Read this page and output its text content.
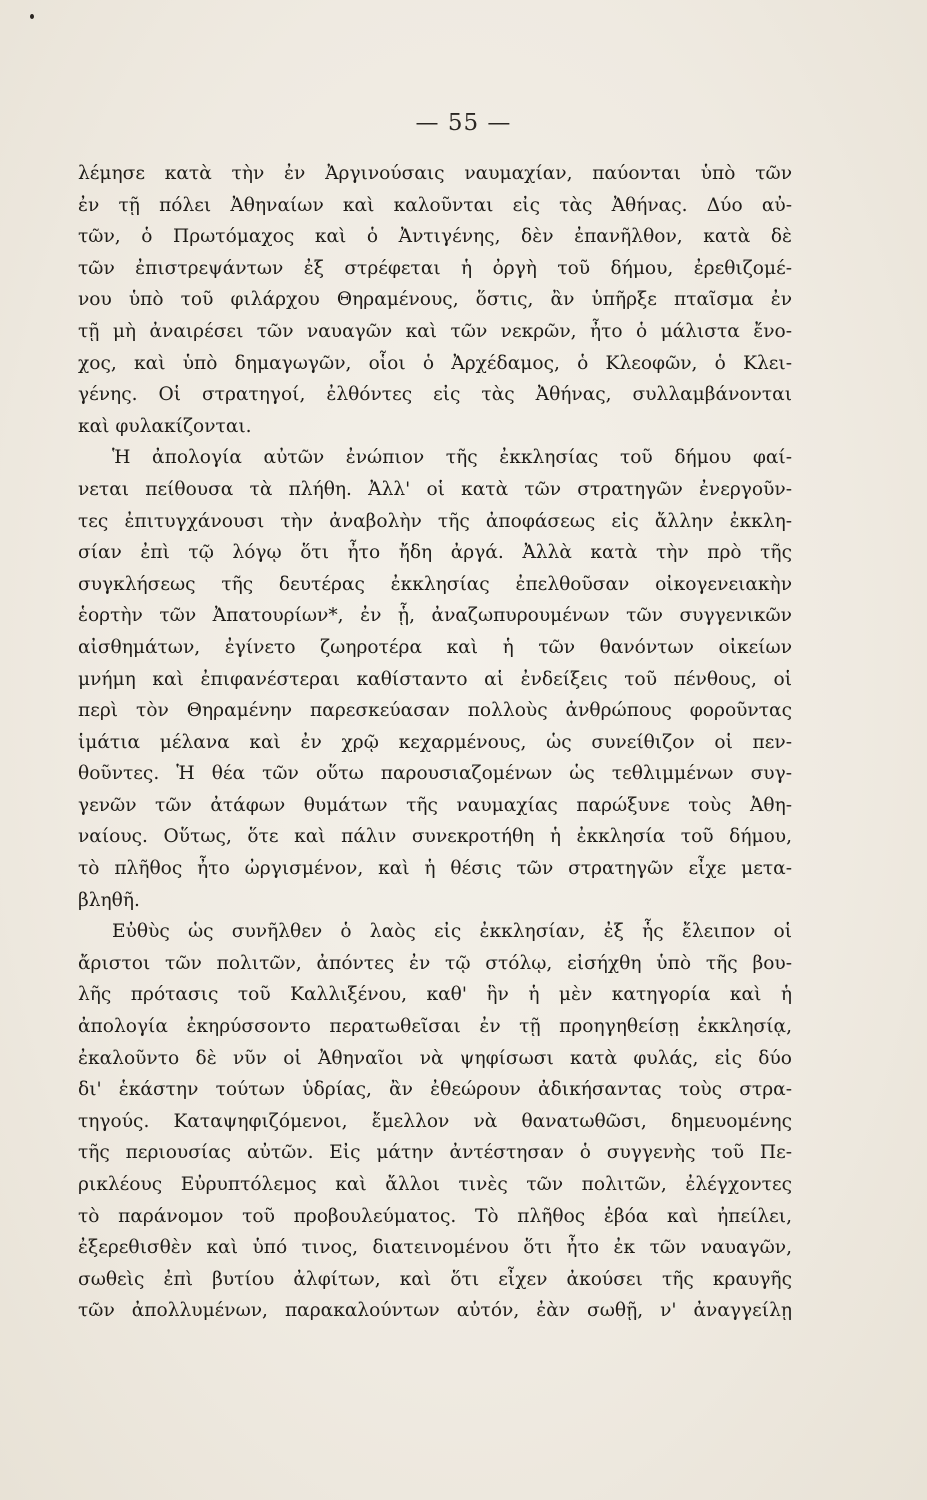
— 55 —
λέμησε κατὰ τὴν ἐν Ἀργινούσαις ναυμαχίαν, παύονται ὑπὸ τῶν
ἐν τῇ πόλει Ἀθηναίων καὶ καλοῦνται εἰς τὰς Ἀθήνας. Δύο αὐ-
τῶν, ὁ Πρωτόμαχος καὶ ὁ Ἀντιγένης, δὲν ἐπανῆλθον, κατὰ δὲ
τῶν ἐπιστρεψάντων ἐξ στρέφεται ἡ ὀργὴ τοῦ δήμου, ἐρεθιζομέ-
νου ὑπὸ τοῦ φιλάρχου Θηραμένους, ὅστις, ἂν ὑπῆρξε πταῖσμα ἐν
τῇ μὴ ἀναιρέσει τῶν ναυαγῶν καὶ τῶν νεκρῶν, ἦτο ὁ μάλιστα ἔνο-
χος, καὶ ὑπὸ δημαγωγῶν, οἷοι ὁ Ἀρχέδαμος, ὁ Κλεοφῶν, ὁ Κλει-
γένης. Οἱ στρατηγοί, ἐλθόντες εἰς τὰς Ἀθήνας, συλλαμβάνονται
καὶ φυλακίζονται.
Ἡ ἀπολογία αὐτῶν ἐνώπιον τῆς ἐκκλησίας τοῦ δήμου φαί-
νεται πείθουσα τὰ πλήθη. Ἀλλ' οἱ κατὰ τῶν στρατηγῶν ἐνεργοῦν-
τες ἐπιτυγχάνουσι τὴν ἀναβολὴν τῆς ἀποφάσεως εἰς ἄλλην ἐκκλη-
σίαν ἐπὶ τῷ λόγῳ ὅτι ἦτο ἤδη ἀργά. Ἀλλὰ κατὰ τὴν πρὸ τῆς
συγκλήσεως τῆς δευτέρας ἐκκλησίας ἐπελθοῦσαν οἰκογενειακὴν
ἑορτὴν τῶν Ἀπατουρίων*, ἐν ᾗ, ἀναζωπυρουμένων τῶν συγγενικῶν
αἰσθημάτων, ἐγίνετο ζωηροτέρα καὶ ἡ τῶν θανόντων οἰκείων
μνήμη καὶ ἐπιφανέστεραι καθίσταντο αἱ ἐνδείξεις τοῦ πένθους, οἱ
περὶ τὸν Θηραμένην παρεσκεύασαν πολλοὺς ἀνθρώπους φοροῦντας
ἱμάτια μέλανα καὶ ἐν χρῷ κεχαρμένους, ὡς συνείθιζον οἱ πεν-
θοῦντες. Ἡ θέα τῶν οὕτω παρουσιαζομένων ὡς τεθλιμμένων συγ-
γενῶν τῶν ἀτάφων θυμάτων τῆς ναυμαχίας παρώξυνε τοὺς Ἀθη-
ναίους. Οὕτως, ὅτε καὶ πάλιν συνεκροτήθη ἡ ἐκκλησία τοῦ δήμου,
τὸ πλῆθος ἦτο ὠργισμένον, καὶ ἡ θέσις τῶν στρατηγῶν εἶχε μετα-
βληθῆ.
Εὐθὺς ὡς συνῆλθεν ὁ λαὸς εἰς ἐκκλησίαν, ἐξ ἧς ἔλειπον οἱ
ἄριστοι τῶν πολιτῶν, ἀπόντες ἐν τῷ στόλῳ, εἰσήχθη ὑπὸ τῆς βου-
λῆς πρότασις τοῦ Καλλιξένου, καθ' ἣν ἡ μὲν κατηγορία καὶ ἡ
ἀπολογία ἐκηρύσσοντο περατωθεῖσαι ἐν τῇ προηγηθείσῃ ἐκκλησίᾳ,
ἐκαλοῦντο δὲ νῦν οἱ Ἀθηναῖοι νὰ ψηφίσωσι κατὰ φυλάς, εἰς δύο
δι' ἑκάστην τούτων ὑδρίας, ἂν ἐθεώρουν ἀδικήσαντας τοὺς στρα-
τηγούς. Καταψηφιζόμενοι, ἔμελλον νὰ θανατωθῶσι, δημευομένης
τῆς περιουσίας αὐτῶν. Εἰς μάτην ἀντέστησαν ὁ συγγενὴς τοῦ Πε-
ρικλέους Εὐρυπτόλεμος καὶ ἄλλοι τινὲς τῶν πολιτῶν, ἐλέγχοντες
τὸ παράνομον τοῦ προβουλεύματος. Τὸ πλῆθος ἐβόα καὶ ἠπείλει,
ἐξερεθισθὲν καὶ ὑπό τινος, διατεινομένου ὅτι ἦτο ἐκ τῶν ναυαγῶν,
σωθεὶς ἐπὶ βυτίου ἀλφίτων, καὶ ὅτι εἶχεν ἀκούσει τῆς κραυγῆς
τῶν ἀπολλυμένων, παρακαλούντων αὐτόν, ἐὰν σωθῇ, ν' ἀναγγείλῃ
